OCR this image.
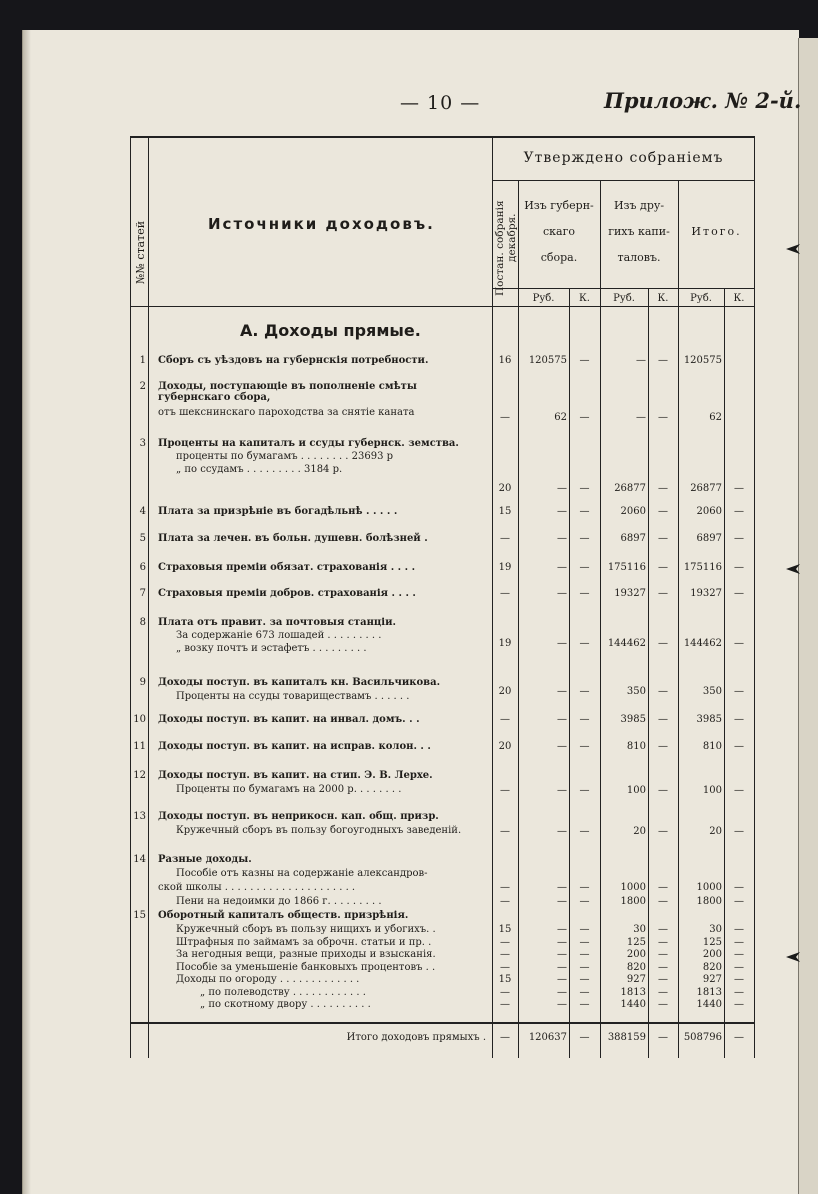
— 10 —	Прилож. № 2-й.
№№ статей	Источники доходовъ.
Утверждено собраніемъ
Постан. собранія декабря.
Изъ губерн-
скаго
сбора.
Изъ дру-
гихъ капи-
таловъ.
Итого.
Руб.	К.	Руб.	К.	Руб.	К.
А. Доходы прямые.
1 Сборъ съ уѣздовъ на губернскія потребности.	16	120575	—	—	—	120575
2 Доходы, поступающіе въ пополненіе смѣты губернскаго сбора,
отъ шекснинскаго пароходства за снятіе каната	—	62	—	—	—	62
3 Проценты на капиталъ и ссуды губернск. земства.
проценты по бумагамъ . . . . . . . . 23693 р
„ по ссудамъ . . . . . . . . . 3184 р.
20	—	—	26877	—	26877	—
4 Плата за призрѣніе въ богадѣльнѣ . . . . .	15	—	—	2060	—	2060	—
5 Плата за лечен. въ больн. душевн. болѣзней .	—	—	—	6897	—	6897	—
6 Страховыя преміи обязат. страхованія . . . .	19	—	—	175116	—	175116	—
7 Страховыя преміи добров. страхованія . . . .	—	—	—	19327	—	19327	—
8 Плата отъ правит. за почтовыя станціи.
За содержаніе 673 лошадей . . . . . . . . .
„ возку почтъ и эстафетъ . . . . . . . . .	19	—	—	144462	—	144462	—
9 Доходы поступ. въ капиталъ кн. Васильчикова.
Проценты на ссуды товариществамъ . . . . . .	20	—	—	350	—	350	—
10 Доходы поступ. въ капит. на инвал. домъ. . .	—	—	—	3985	—	3985	—
11 Доходы поступ. въ капит. на исправ. колон. . .	20	—	—	810	—	810	—
12 Доходы поступ. въ капит. на стип. Э. В. Лерхе.
Проценты по бумагамъ на 2000 р. . . . . . . .	—	—	—	100	—	100	—
13 Доходы поступ. въ неприкосн. кап. общ. призр.
Кружечный сборъ въ пользу богоугодныхъ заведеній.	—	—	—	20	—	20	—
14 Разные доходы.
Пособіе отъ казны на содержаніе александров-
ской школы . . . . . . . . . . . . . . . . . . . . .	—	—	—	1000	—	1000	—
Пени на недоимки до 1866 г. . . . . . . . .	—	—	—	1800	—	1800	—
15 Оборотный капиталъ обществ. призрѣнія.
Кружечный сборъ въ пользу нищихъ и убогихъ. .	15	—	—	30	—	30	—
Штрафныя по займамъ за оброчн. статьи и пр. .	—	—	—	125	—	125	—
За негодныя вещи, разные приходы и взысканія.	—	—	—	200	—	200	—
Пособіе за уменьшеніе банковыхъ процентовъ . .	—	—	—	820	—	820	—
Доходы по огороду . . . . . . . . . . . . .	15	—	—	927	—	927	—
„ по полеводству . . . . . . . . . . . .	—	—	—	1813	—	1813	—
„ по скотному двору . . . . . . . . . .	—	—	—	1440	—	1440	—
Итого доходовъ прямыхъ .	—	120637	—	388159	—	508796	—
